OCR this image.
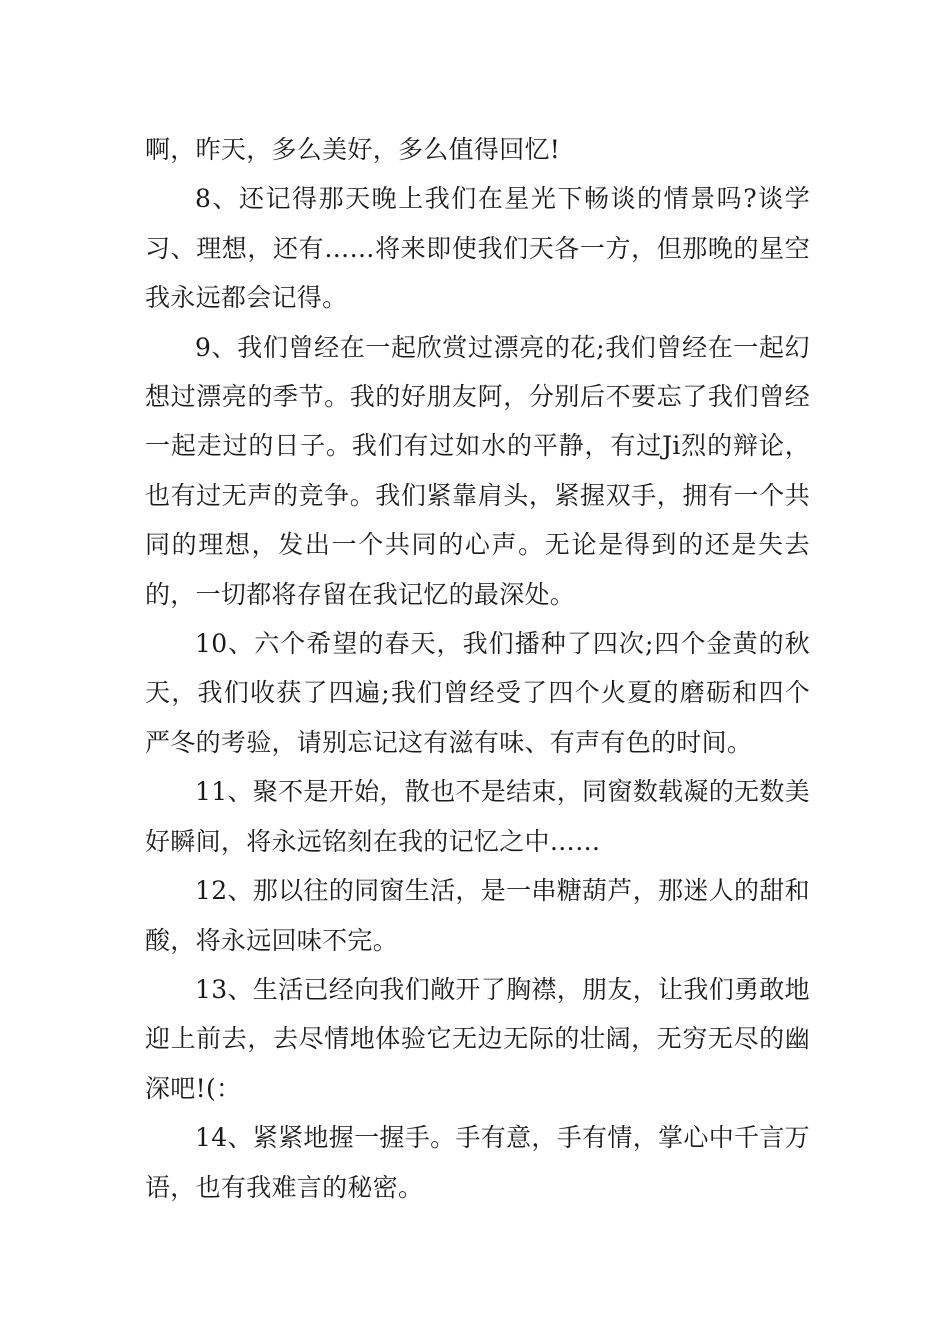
啊，昨天，多么美好，多么值得回忆!

8、还记得那天晚上我们在星光下畅谈的情景吗?谈学习、理想，还有……将来即使我们天各一方，但那晚的星空我永远都会记得。

9、我们曾经在一起欣赏过漂亮的花;我们曾经在一起幻想过漂亮的季节。我的好朋友阿，分别后不要忘了我们曾经一起走过的日子。我们有过如水的平静，有过Ji烈的辩论，也有过无声的竞争。我们紧靠肩头，紧握双手，拥有一个共同的理想，发出一个共同的心声。无论是得到的还是失去的，一切都将存留在我记忆的最深处。

10、六个希望的春天，我们播种了四次;四个金黄的秋天，我们收获了四遍;我们曾经受了四个火夏的磨砺和四个严冬的考验，请别忘记这有滋有味、有声有色的时间。

11、聚不是开始，散也不是结束，同窗数载凝的无数美好瞬间，将永远铭刻在我的记忆之中……

12、那以往的同窗生活，是一串糖葫芦，那迷人的甜和酸，将永远回味不完。

13、生活已经向我们敞开了胸襟，朋友，让我们勇敢地迎上前去，去尽情地体验它无边无际的壮阔，无穷无尽的幽深吧!(：

14、紧紧地握一握手。手有意，手有情，掌心中千言万语，也有我难言的秘密。
